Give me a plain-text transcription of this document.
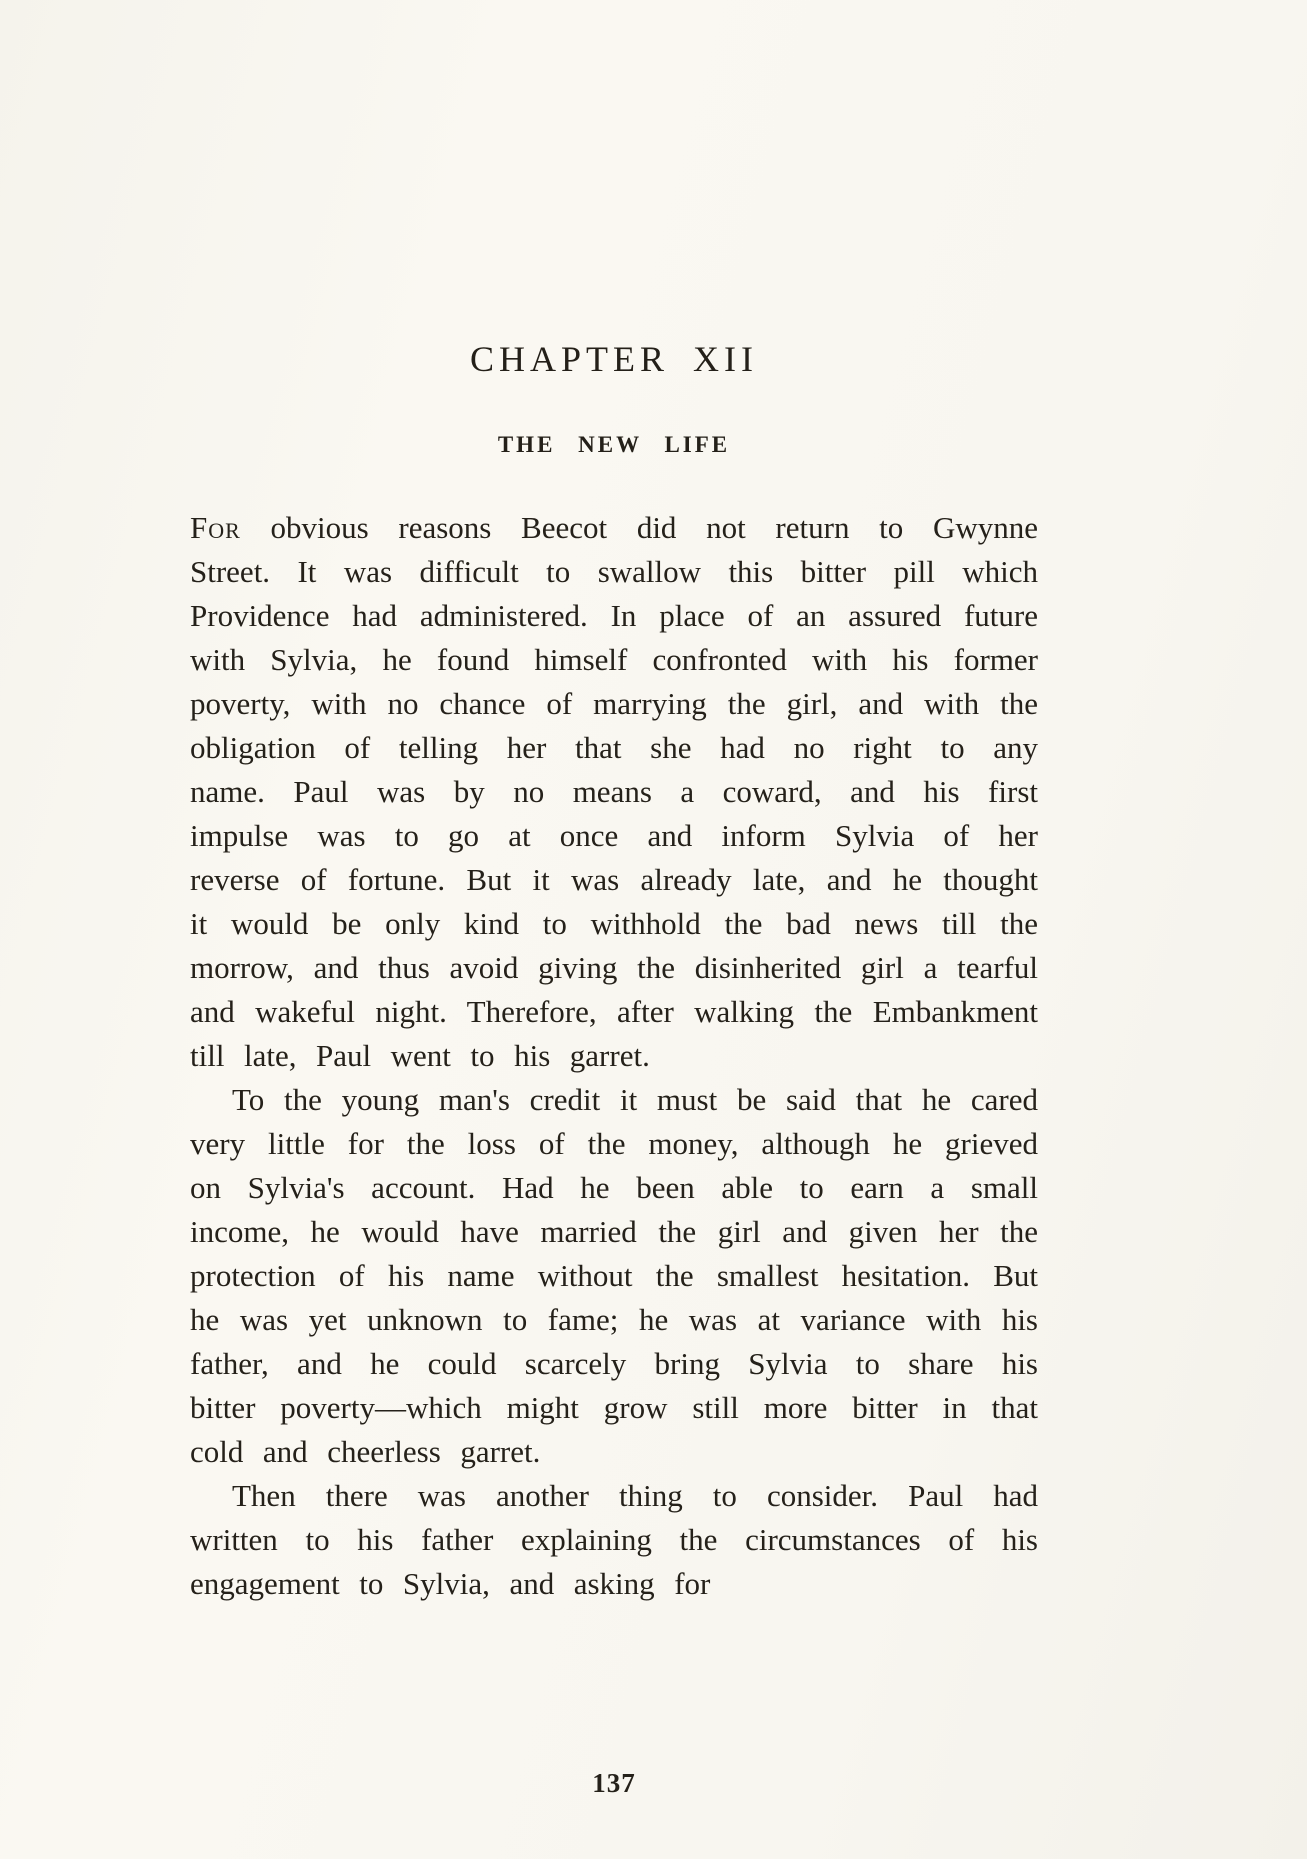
CHAPTER XII
THE NEW LIFE

For obvious reasons Beecot did not return to Gwynne Street. It was difficult to swallow this bitter pill which Providence had administered. In place of an assured future with Sylvia, he found himself confronted with his former poverty, with no chance of marrying the girl, and with the obligation of telling her that she had no right to any name. Paul was by no means a coward, and his first impulse was to go at once and inform Sylvia of her reverse of fortune. But it was already late, and he thought it would be only kind to withhold the bad news till the morrow, and thus avoid giving the disinherited girl a tearful and wakeful night. Therefore, after walking the Embankment till late, Paul went to his garret.

To the young man's credit it must be said that he cared very little for the loss of the money, although he grieved on Sylvia's account. Had he been able to earn a small income, he would have married the girl and given her the protection of his name without the smallest hesitation. But he was yet unknown to fame; he was at variance with his father, and he could scarcely bring Sylvia to share his bitter poverty—which might grow still more bitter in that cold and cheerless garret.

Then there was another thing to consider. Paul had written to his father explaining the circumstances of his engagement to Sylvia, and asking for

137
